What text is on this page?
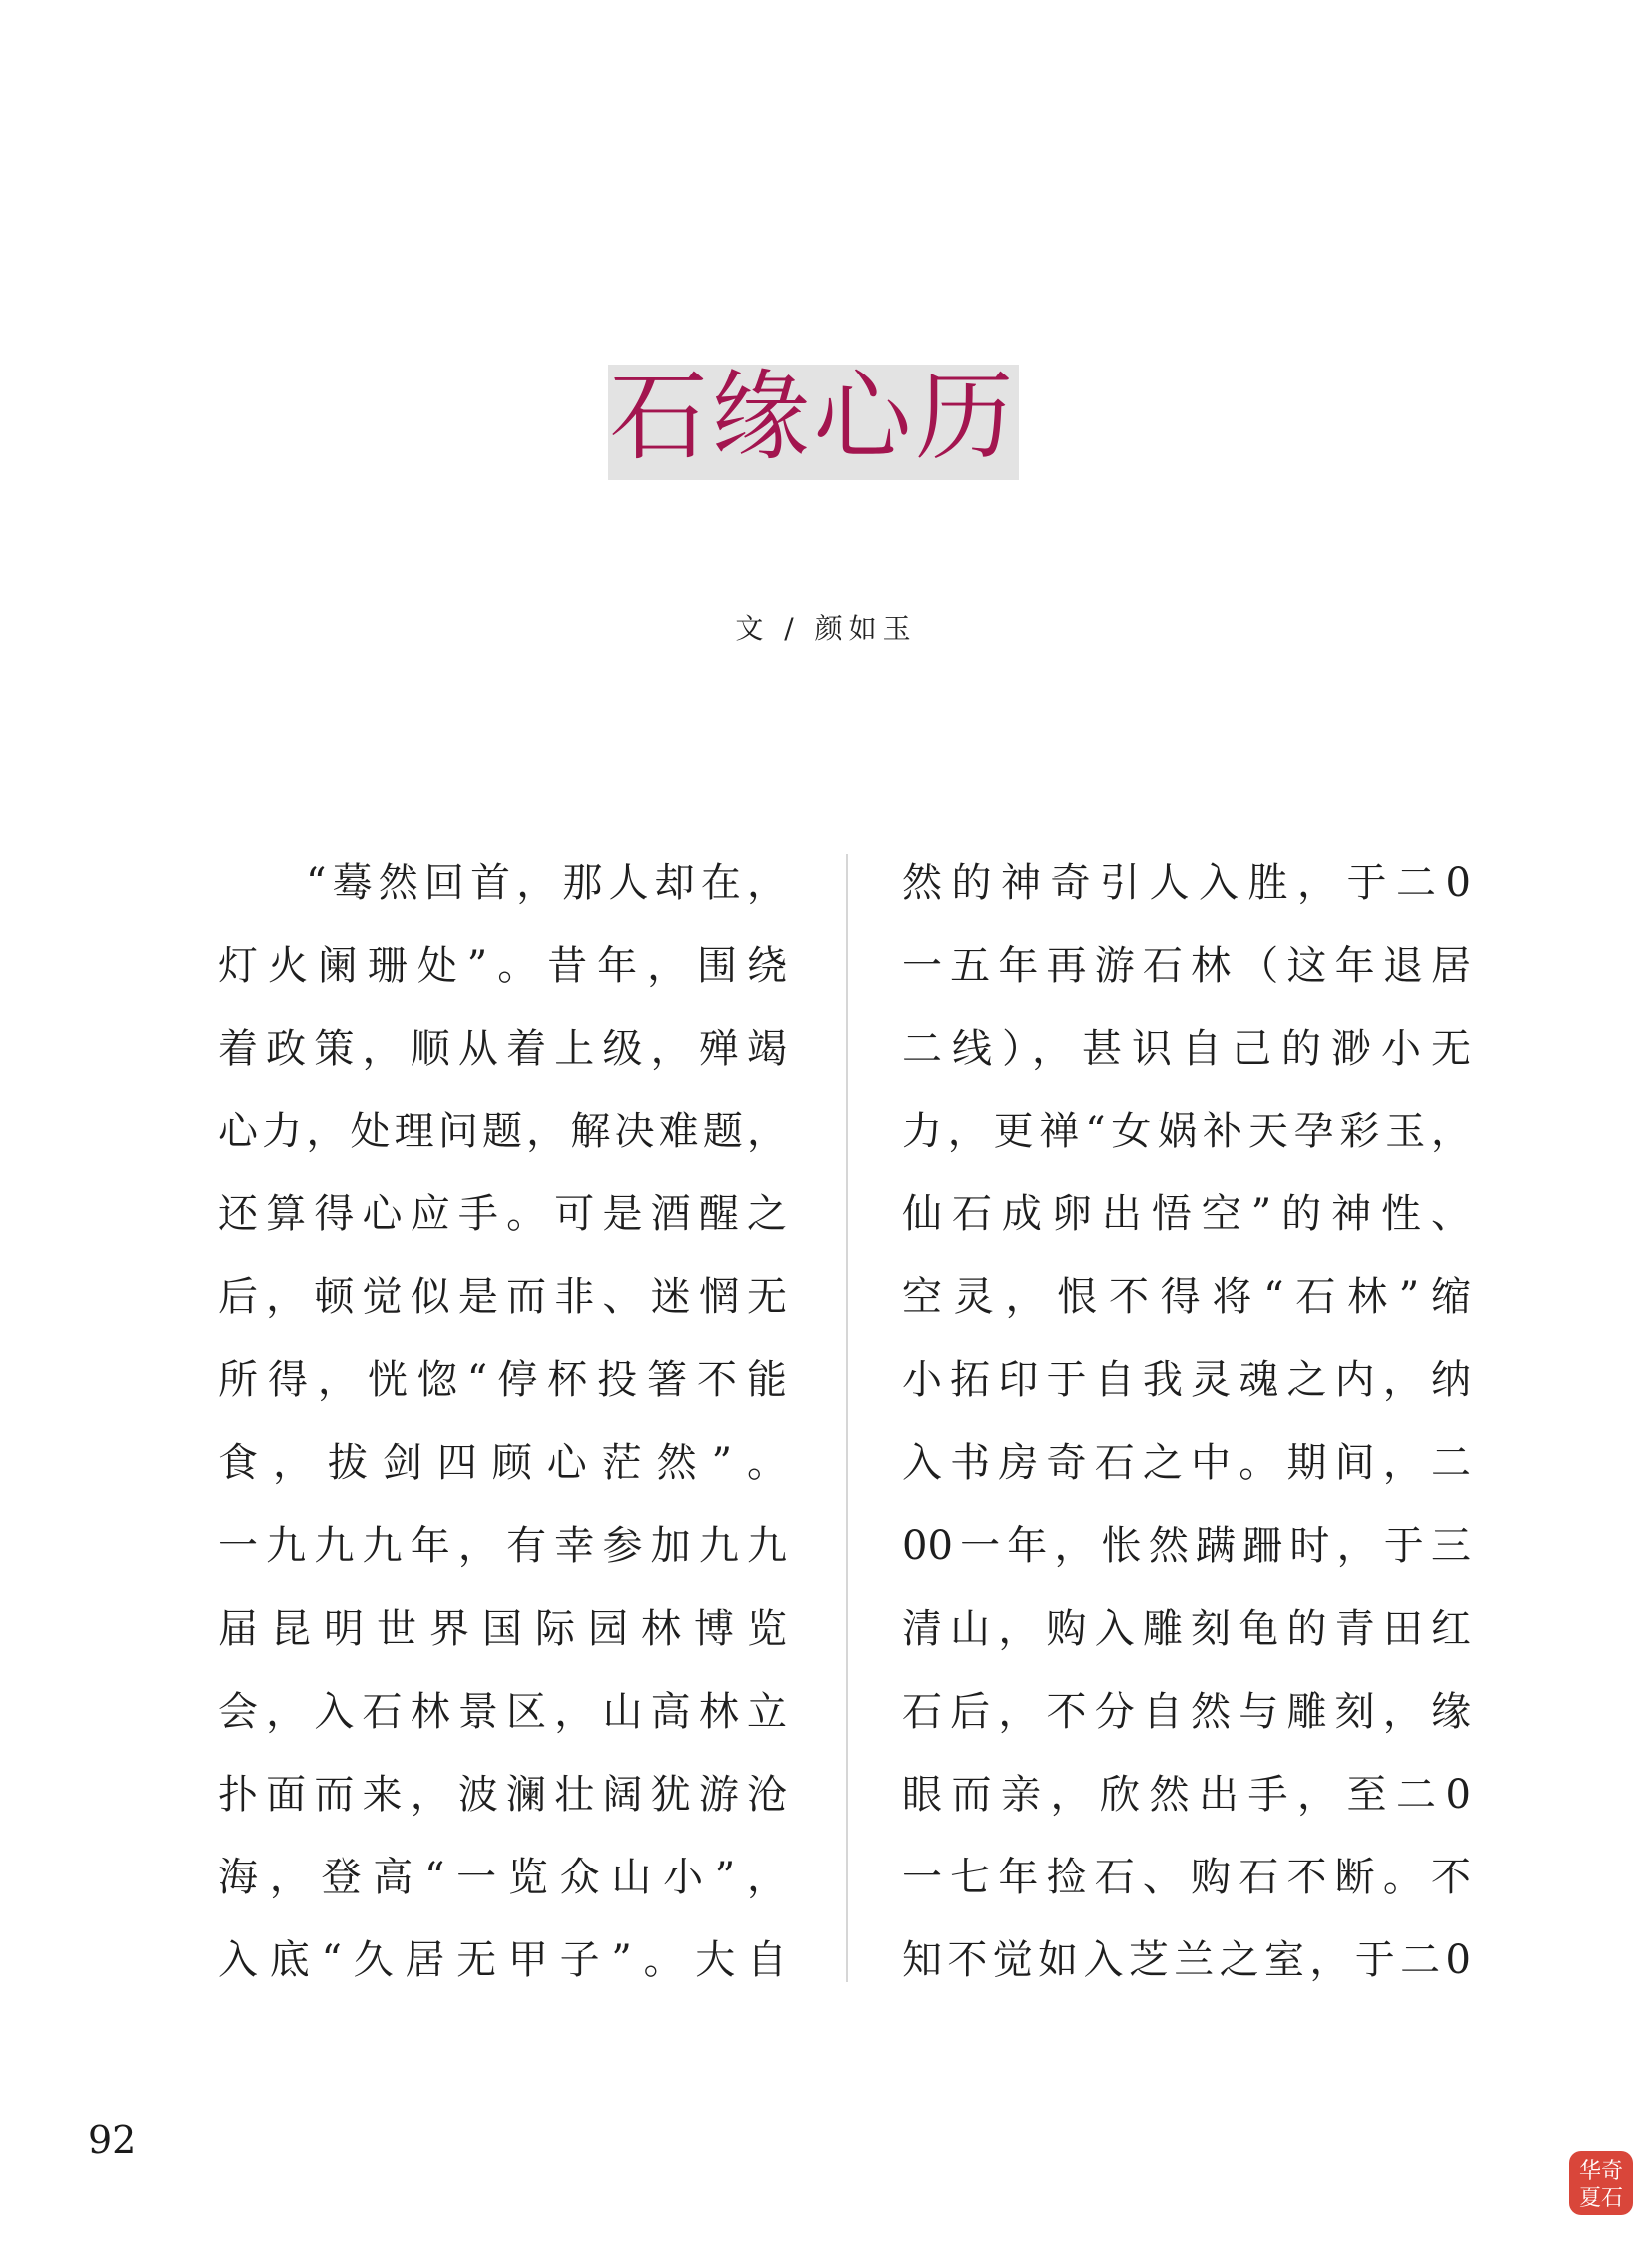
石缘心历
文 / 颜如玉
“蓦然回首，那人却在，
灯火阑珊处”。昔年，围绕
着政策，顺从着上级，殚竭
心力，处理问题，解决难题，
还算得心应手。可是酒醒之
后，顿觉似是而非、迷惘无
所得，恍惚“停杯投箸不能
食，拔剑四顾心茫然”。
一九九九年，有幸参加九九
届昆明世界国际园林博览
会，入石林景区，山高林立
扑面而来，波澜壮阔犹游沧
海，登高“一览众山小”，
入底“久居无甲子”。大自
然的神奇引人入胜，于二0
一五年再游石林（这年退居
二线），甚识自己的渺小无
力，更禅“女娲补天孕彩玉，
仙石成卵出悟空”的神性、
空灵，恨不得将“石林”缩
小拓印于自我灵魂之内，纳
入书房奇石之中。期间，二
00一年，怅然蹒跚时，于三
清山，购入雕刻龟的青田红
石后，不分自然与雕刻，缘
眼而亲，欣然出手，至二0
一七年捡石、购石不断。不
知不觉如入芝兰之室，于二0
92
华奇
夏石
